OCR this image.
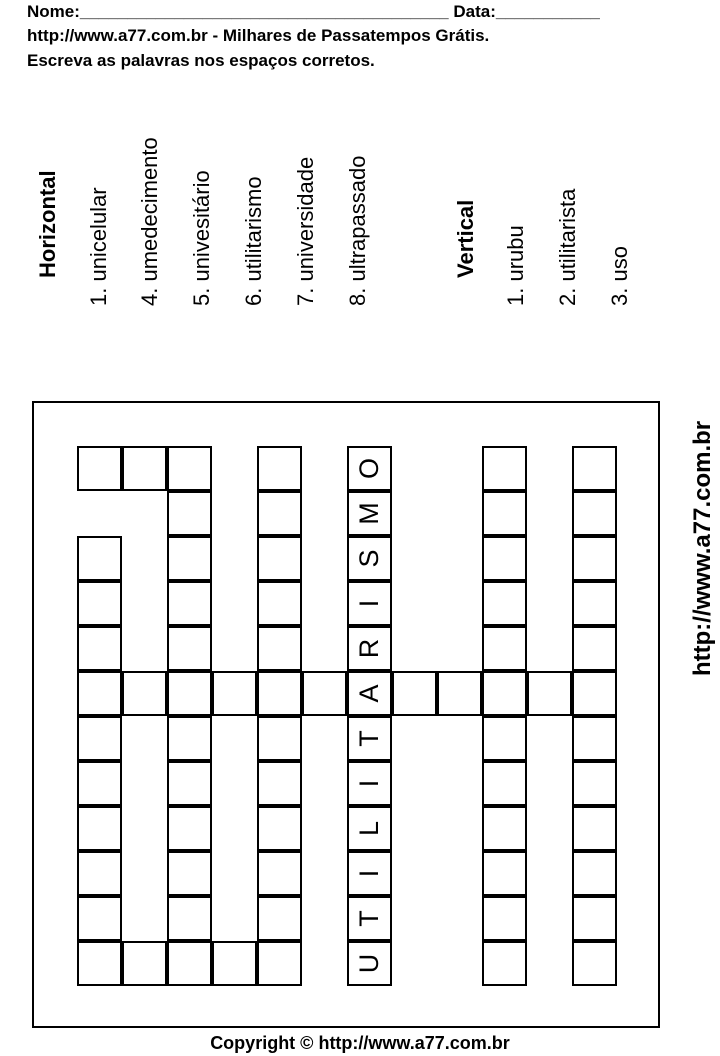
Nome:_______________________________________ Data:___________
http://www.a77.com.br - Milhares de Passatempos Grátis.
Escreva as palavras nos espaços corretos.
Horizontal 1. unicelular 4. umedecimento 5. univesitário 6. utilitarismo 7. universidade 8. ultrapassado	Vertical 1. urubu 2. utilitarista 3. uso
http://www.a77.com.br
U
T
I
L
I
T
A
R
I
S
M
O
Copyright © http://www.a77.com.br
